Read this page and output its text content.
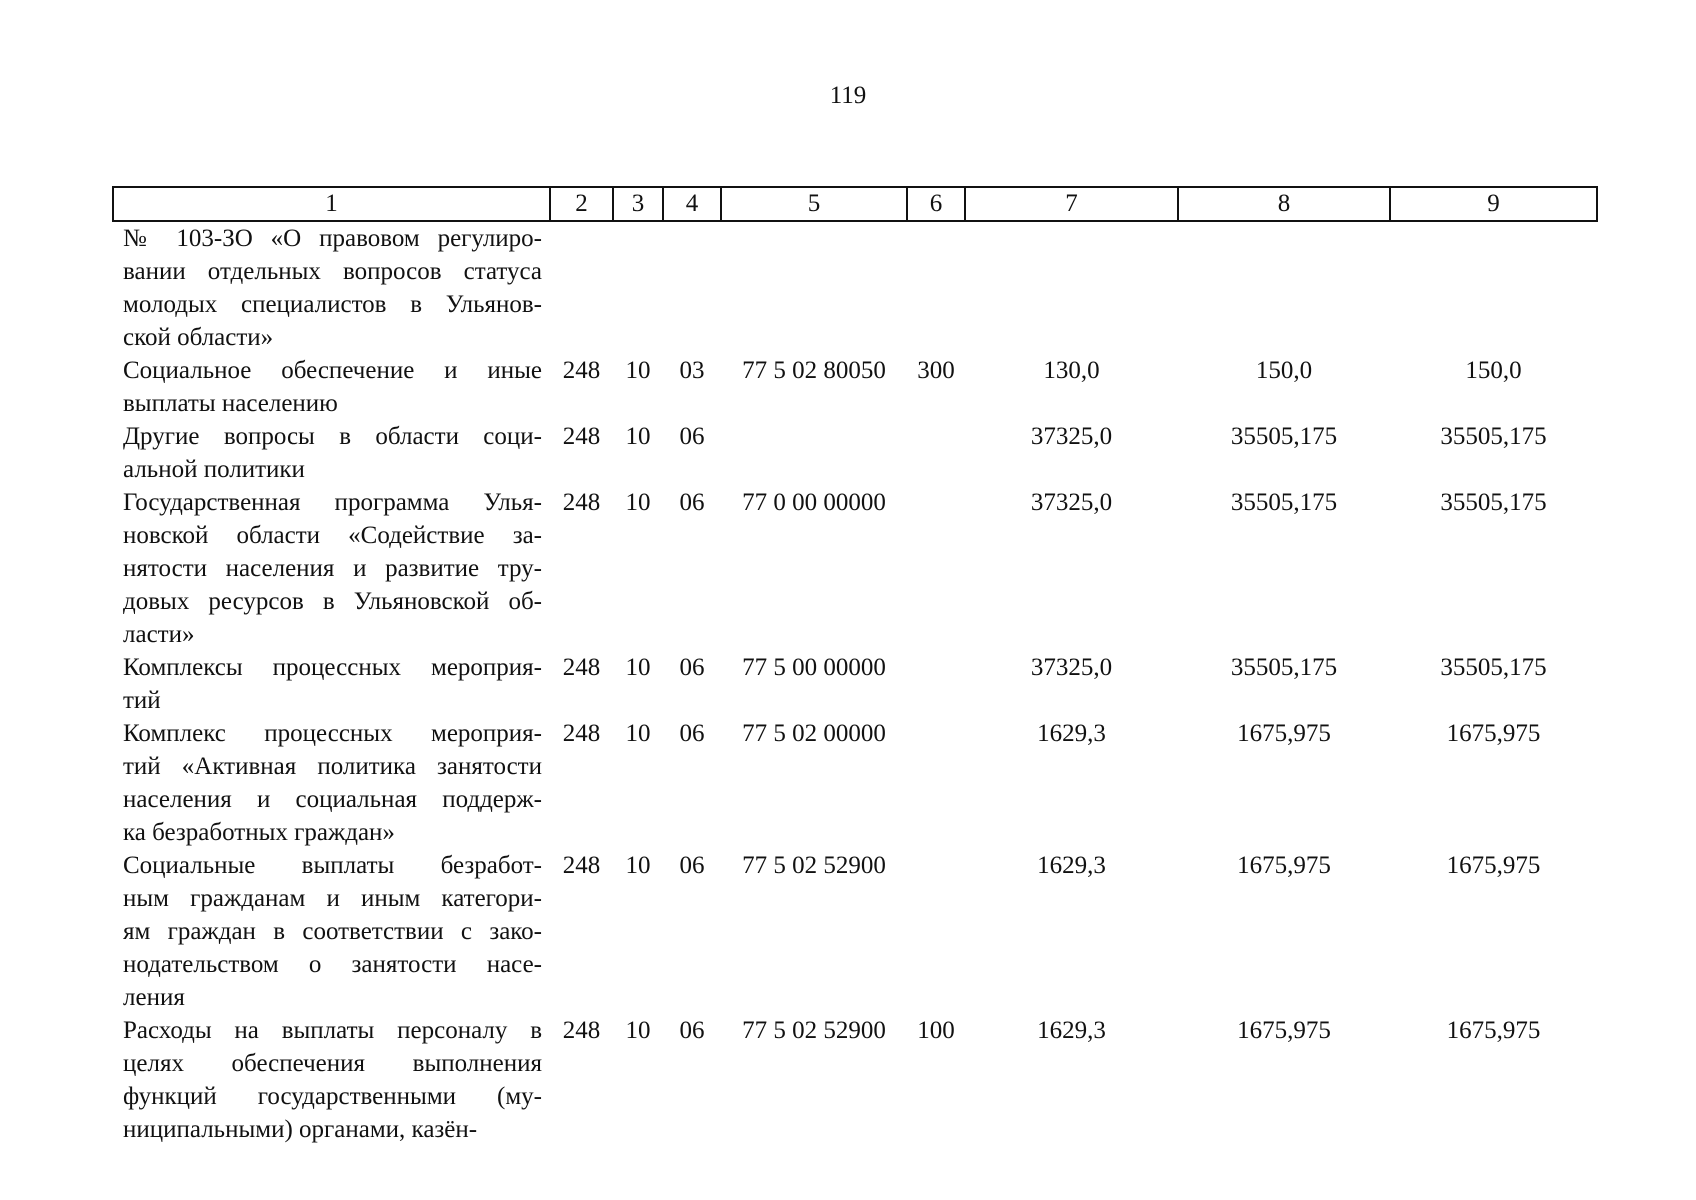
119
1	2	3	4	5	6	7	8	9

№ 103-ЗО «О правовом регулиро-
вании отдельных вопросов статуса
молодых специалистов в Ульянов-
ской области»								

Социальное обеспечение и иные
выплаты населению	248	10	03	77 5 02 80050	300	130,0	150,0	150,0

Другие вопросы в области соци-
альной политики	248	10	06			37325,0	35505,175	35505,175

Государственная программа Улья-
новской области «Содействие за-
нятости населения и развитие тру-
довых ресурсов в Ульяновской об-
ласти»	248	10	06	77 0 00 00000		37325,0	35505,175	35505,175

Комплексы процессных мероприя-
тий	248	10	06	77 5 00 00000		37325,0	35505,175	35505,175

Комплекс процессных мероприя-
тий «Активная политика занятости
населения и социальная поддерж-
ка безработных граждан»	248	10	06	77 5 02 00000		1629,3	1675,975	1675,975

Социальные выплаты безработ-
ным гражданам и иным категори-
ям граждан в соответствии с зако-
нодательством о занятости насе-
ления	248	10	06	77 5 02 52900		1629,3	1675,975	1675,975

Расходы на выплаты персоналу в
целях обеспечения выполнения
функций государственными (му-
ниципальными) органами, казён-	248	10	06	77 5 02 52900	100	1629,3	1675,975	1675,975
